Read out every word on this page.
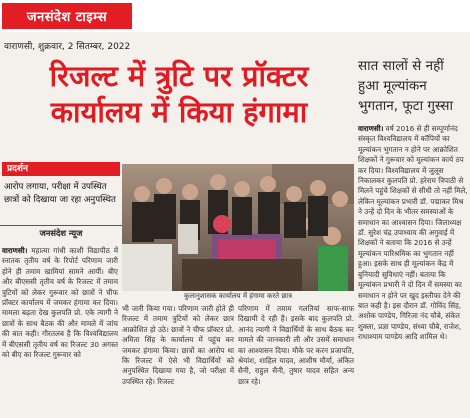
जनसंदेश टाइम्स
वाराणसी, शुक्रवार, 2 सितम्बर, 2022
रिजल्ट में त्रुटि पर प्रॉक्टर कार्यालय में किया हंगामा
सात सालों से नहीं हुआ मूल्यांकन भुगतान, फूटा गुस्सा
वाराणसी। वर्ष 2016 से ही सम्पूर्णानंद संस्कृत विश्वविद्यालय में कॉपियों का मूल्यांकन भुगतान न होने पर आक्रोशित शिक्षकों ने गुरूवार को मूल्यांकन कार्य ठप कर दिया। विश्वविद्यालय में जुलूस निकालकर कुलपति प्रो. हरेराम त्रिपाठी से मिलने पहुंचे शिक्षकों से सीधी तो नहीं मिले, लेकिन मूल्यांकन प्रभारी डॉ. पद्माकर मिश्र ने उन्हें दो दिन के भीतर समस्याओं के समाधान का आश्वासन दिया। जिलाध्यक्ष डॉ. सुरेश चंद्र उपाध्याय की अगुवाई में शिक्षकों ने बताया कि 2016 से उन्हें मूल्यांकन पारिश्रमिक का भुगतान नहीं हुआ। इसके साथ ही मूल्यांकन केंद्र में बुनियादी सुविधाएं नहीं। बताया कि मूल्यांकन प्रभारी ने दो दिन में समस्या का समाधान न होने पर खुद इस्तीफा देने की बात कही है। इस दौरान डॉ. गोविंद सिंह, अशोक पाण्डेय, गिरिजा नंद चौबे, संकेत शुक्ला, प्रज्ञा पाण्डेय, संध्या चौबे, राजेश, राधाश्याम पाण्डेय आदि शामिल थे।
प्रदर्शन
आरोप लगाया, परीक्षा में उपस्थित छात्रों को दिखाया जा रहा अनुपस्थित
जनसंदेश न्यूज
कुलानुशासक कार्यालय में हंगामा करते छात्र
वाराणसी। महात्मा गांधी काशी विद्यापीठ में स्नातक तृतीय वर्ष के रिपोर्ट परिणाम जारी होने ही तमाम खामियां सामने आयीं। बीए और बीएससी तृतीय वर्ष के रिजल्ट में तमाम त्रुटियों को लेकर गुरूवार को छात्रों ने चीफ प्रॉक्टर कार्यालय में जमकर हंगामा कर दिया। मामला बढ़ता देख कुलपति प्रो. एके त्यागी ने छात्रों के साथ बैठक की और मामले में जांच की बात कही। गौरतलब है कि विश्वविद्यालय में बीएससी तृतीय वर्ष का रिजल्ट 30 अगस्त को बीए का रिजल्ट गुरूवार को
भी जारी किया गया। परिणाम जारी होते ही रिजल्ट में तमाम त्रुटियों को लेकर छात्र आक्रोशित हो उठे। छात्रों ने चीफ प्रॉक्टर प्रो. अमिता सिंह के कार्यालय में पहुंच कर जमकर हंगामा किया। छात्रों का आरोप था कि रिजल्ट में ऐसे भी विद्यार्थियों को अनुपस्थित दिखाया गया है, जो परीक्षा में उपस्थित रहे। रिजल्ट
परिणाम में तमाम गलतियां साफ-साफ दिखायी दे रही हैं। इसके बाद कुलपति प्रो. आनंद त्यागी ने विद्यार्थियों के साथ बैठक कर मामले की जानकारी ली और उसमें समाधान का आश्वासन दिया। मौके पर करन प्रजापति, श्रेयांश, शाहिल यादव, आशीष मौर्या, अंकित सैनी, राहुल सैनी, तुषार यादव सहित अन्य छात्र रहे।
